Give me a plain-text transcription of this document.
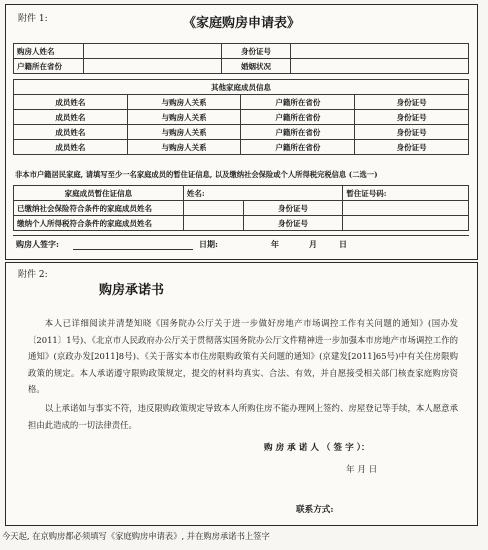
附件 1:	《家庭购房申请表》
购房人姓名		身份证号	
户籍所在省份		婚姻状况	
其他家庭成员信息			
成员姓名	与购房人关系	户籍所在省份	身份证号
成员姓名	与购房人关系	户籍所在省份	身份证号
成员姓名	与购房人关系	户籍所在省份	身份证号
成员姓名	与购房人关系	户籍所在省份	身份证号
非本市户籍居民家庭, 请填写至少一名家庭成员的暂住证信息, 以及缴纳社会保险或个人所得税完税信息 (二选一)
家庭成员暂住证信息	姓名:		暂住证号码:
已缴纳社会保险符合条件的家庭成员姓名		身份证号	
缴纳个人所得税符合条件的家庭成员姓名		身份证号	
购房人签字:	日期:	年	月	日
附件 2:
购房承诺书
本人已详细阅读并清楚知晓《国务院办公厅关于进一步做好房地产市场调控工作有关问题的通知》(国办发〔2011〕1号)、《北京市人民政府办公厅关于贯彻落实国务院办公厅文件精神进一步加强本市房地产市场调控工作的通知》(京政办发[2011]8号)、《关于落实本市住房限购政策有关问题的通知》(京建发[2011]65号)中有关住房限购政策的规定。本人承诺遵守限购政策规定，提交的材料均真实、合法、有效，并自愿接受相关部门核查家庭购房资格。
以上承诺如与事实不符，违反限购政策规定导致本人所购住房不能办理网上签约、房屋登记等手续，本人愿意承担由此造成的一切法律责任。
购 房 承 诺 人 （ 签 字 ）：
年 月 日
联系方式:
今天起, 在京购房都必须填写《家庭购房申请表》, 并在购房承诺书上签字
